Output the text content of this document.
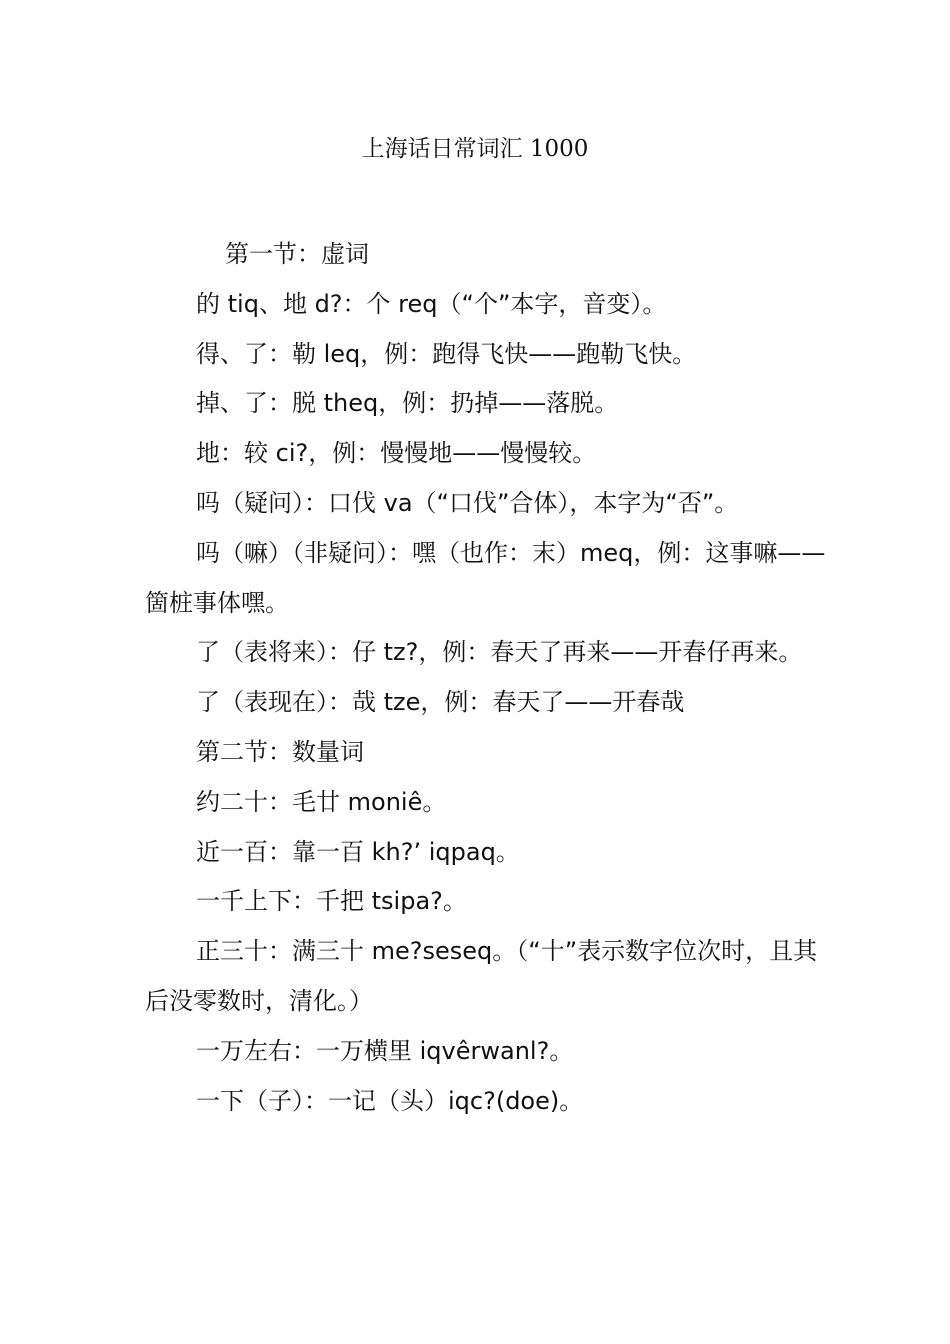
上海话日常词汇 1000

第一节：虚词

的 tiq、地 d?：个 req（“个”本字，音变）。

得、了：勒 leq，例：跑得飞快——跑勒飞快。

掉、了：脱 theq，例：扔掉——落脱。

地：较 ci?，例：慢慢地——慢慢较。

吗（疑问）：口伐 va（“口伐”合体），本字为“否”。

吗（嘛）（非疑问）：嘿（也作：末）meq，例：这事嘛——箇桩事体嘿。

了（表将来）：仔 tz?，例：春天了再来——开春仔再来。

了（表现在）：哉 tze，例：春天了——开春哉

第二节：数量词

约二十：毛廿 moniê。

近一百：靠一百 kh?’ iqpaq。

一千上下：千把 tsipa?。

正三十：满三十 me?seseq。（“十”表示数字位次时，且其后没零数时，清化。）

一万左右：一万横里 iqvêrwanl?。

一下（子）：一记（头）iqc?(doe)。
